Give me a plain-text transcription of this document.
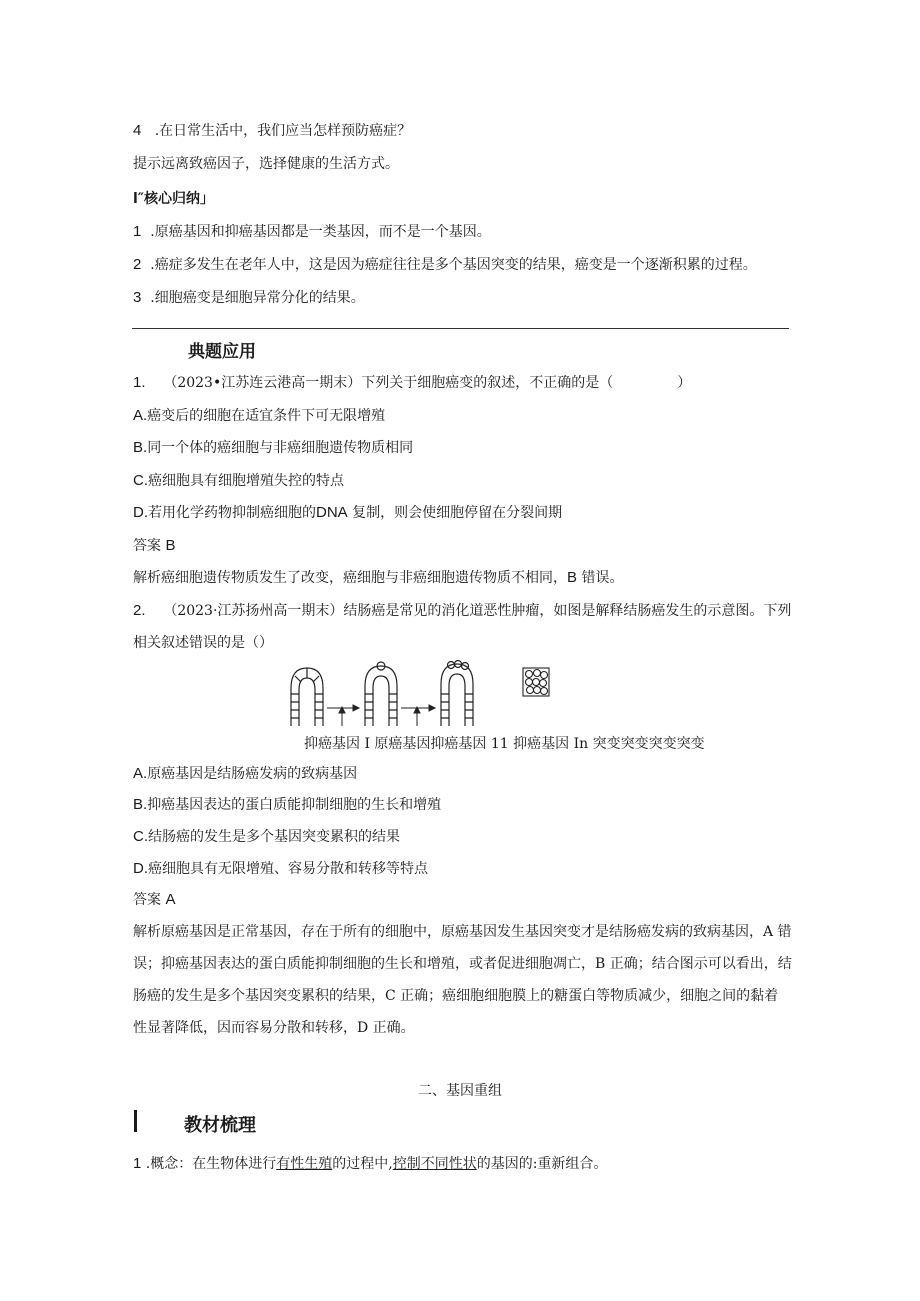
4 .在日常生活中，我们应当怎样预防癌症？
提示远离致癌因子，选择健康的生活方式。
l″核心归纳」
1 .原癌基因和抑癌基因都是一类基因，而不是一个基因。
2 .癌症多发生在老年人中，这是因为癌症往往是多个基因突变的结果，癌变是一个逐渐积累的过程。
3 .细胞癌变是细胞异常分化的结果。
典题应用
1. （2023•江苏连云港高一期末）下列关于细胞癌变的叙述，不正确的是（	）
A.癌变后的细胞在适宜条件下可无限增殖
B.同一个体的癌细胞与非癌细胞遗传物质相同
C.癌细胞具有细胞增殖失控的特点
D.若用化学药物抑制癌细胞的DNA 复制，则会使细胞停留在分裂间期
答案 B
解析癌细胞遗传物质发生了改变，癌细胞与非癌细胞遗传物质不相同，B 错误。
2. （2023·江苏扬州高一期末）结肠癌是常见的消化道恶性肿瘤，如图是解释结肠癌发生的示意图。下列
相关叙述错误的是（）
抑癌基因 I 原癌基因抑癌基因 11 抑癌基因 In 突变突变突变突变
A.原癌基因是结肠癌发病的致病基因
B.抑癌基因表达的蛋白质能抑制细胞的生长和增殖
C.结肠癌的发生是多个基因突变累积的结果
D.癌细胞具有无限增殖、容易分散和转移等特点
答案 A
解析原癌基因是正常基因，存在于所有的细胞中，原癌基因发生基因突变才是结肠癌发病的致病基因，A 错
误；抑癌基因表达的蛋白质能抑制细胞的生长和增殖，或者促进细胞凋亡，B 正确；结合图示可以看出，结
肠癌的发生是多个基因突变累积的结果，C 正确；癌细胞细胞膜上的糖蛋白等物质减少，细胞之间的黏着
性显著降低，因而容易分散和转移，D 正确。
二、基因重组
教材梳理
1 .概念：在生物体进行有性生殖的过程中,控制不同性状的基因的:重新组合。
